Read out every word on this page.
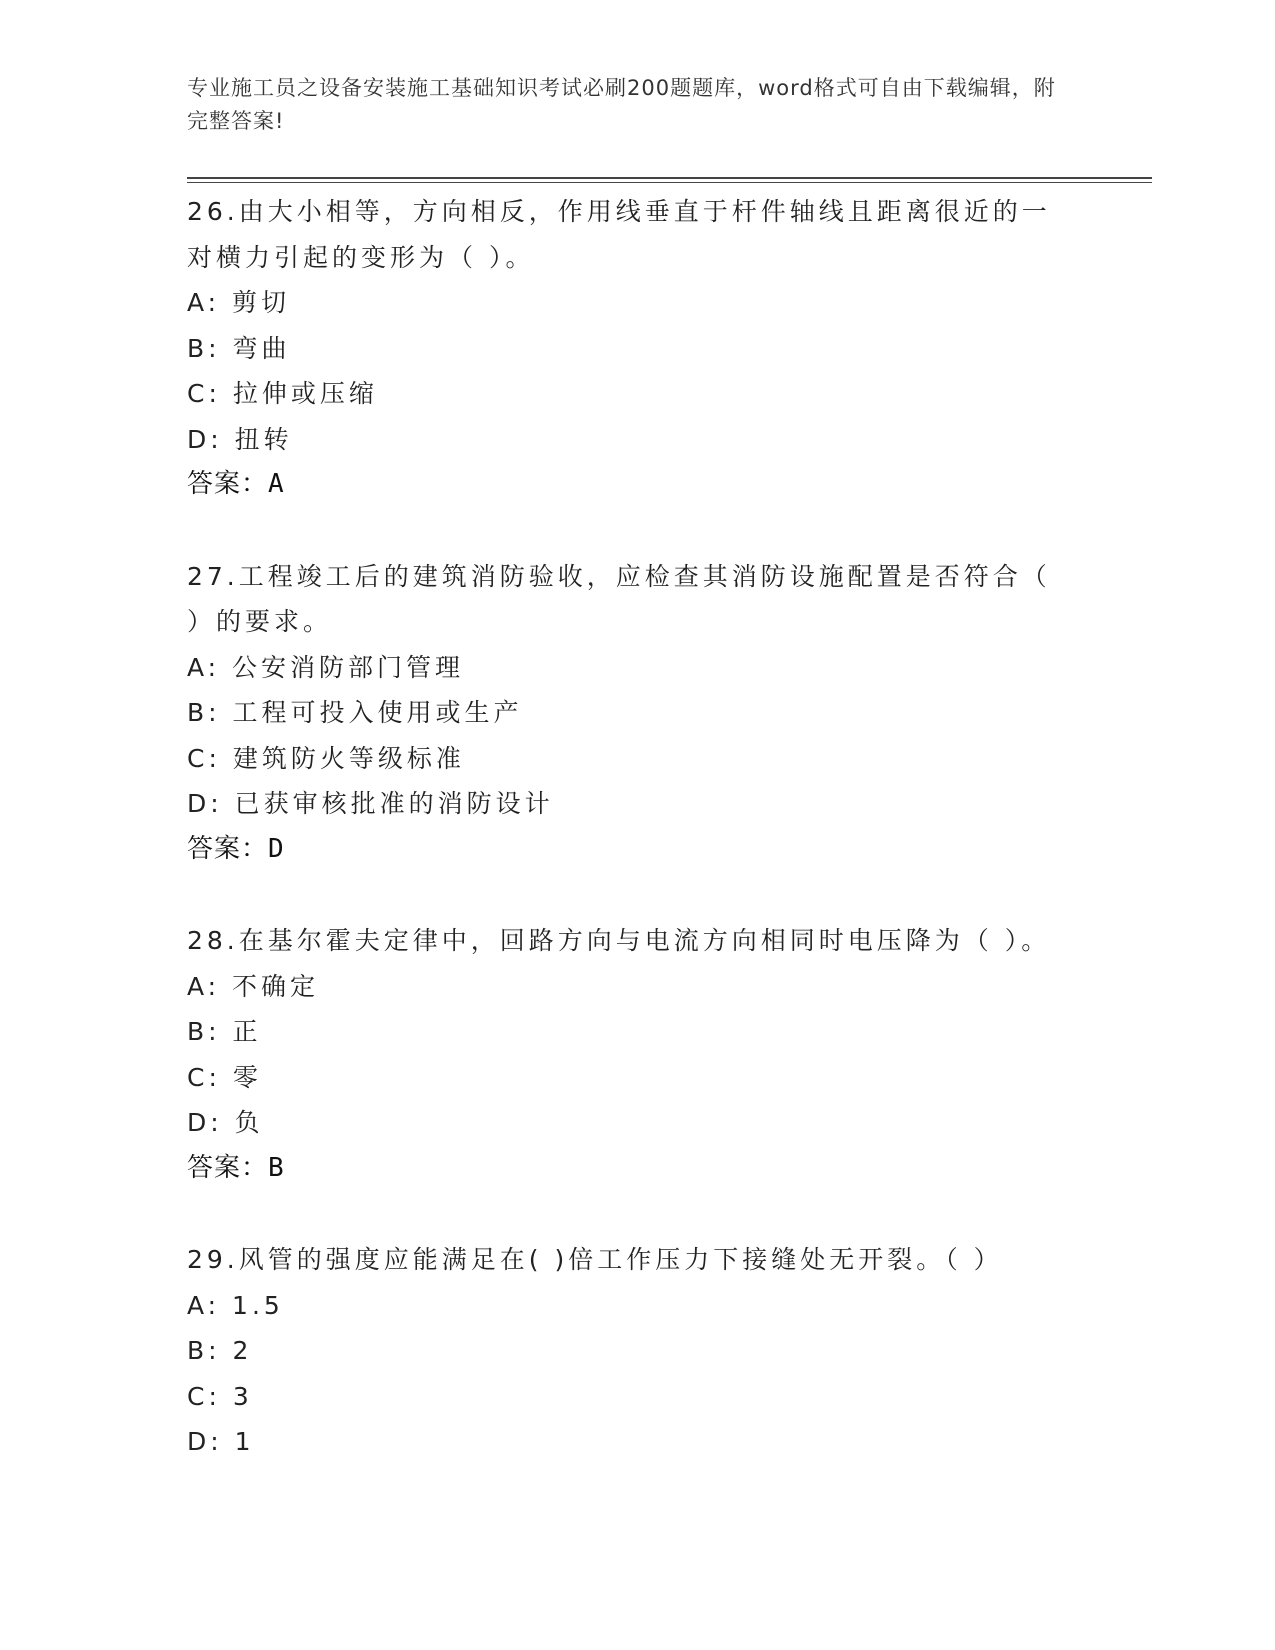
专业施工员之设备安装施工基础知识考试必刷200题题库，word格式可自由下载编辑，附完整答案!
26.由大小相等，方向相反，作用线垂直于杆件轴线且距离很近的一对横力引起的变形为（ ）。
A: 剪切
B: 弯曲
C: 拉伸或压缩
D: 扭转
答案：A
27.工程竣工后的建筑消防验收，应检查其消防设施配置是否符合（ ）的要求。
A: 公安消防部门管理
B: 工程可投入使用或生产
C: 建筑防火等级标准
D: 已获审核批准的消防设计
答案：D
28.在基尔霍夫定律中，回路方向与电流方向相同时电压降为（ ）。
A: 不确定
B: 正
C: 零
D: 负
答案：B
29.风管的强度应能满足在( )倍工作压力下接缝处无开裂。（ ）
A: 1.5
B: 2
C: 3
D: 1
